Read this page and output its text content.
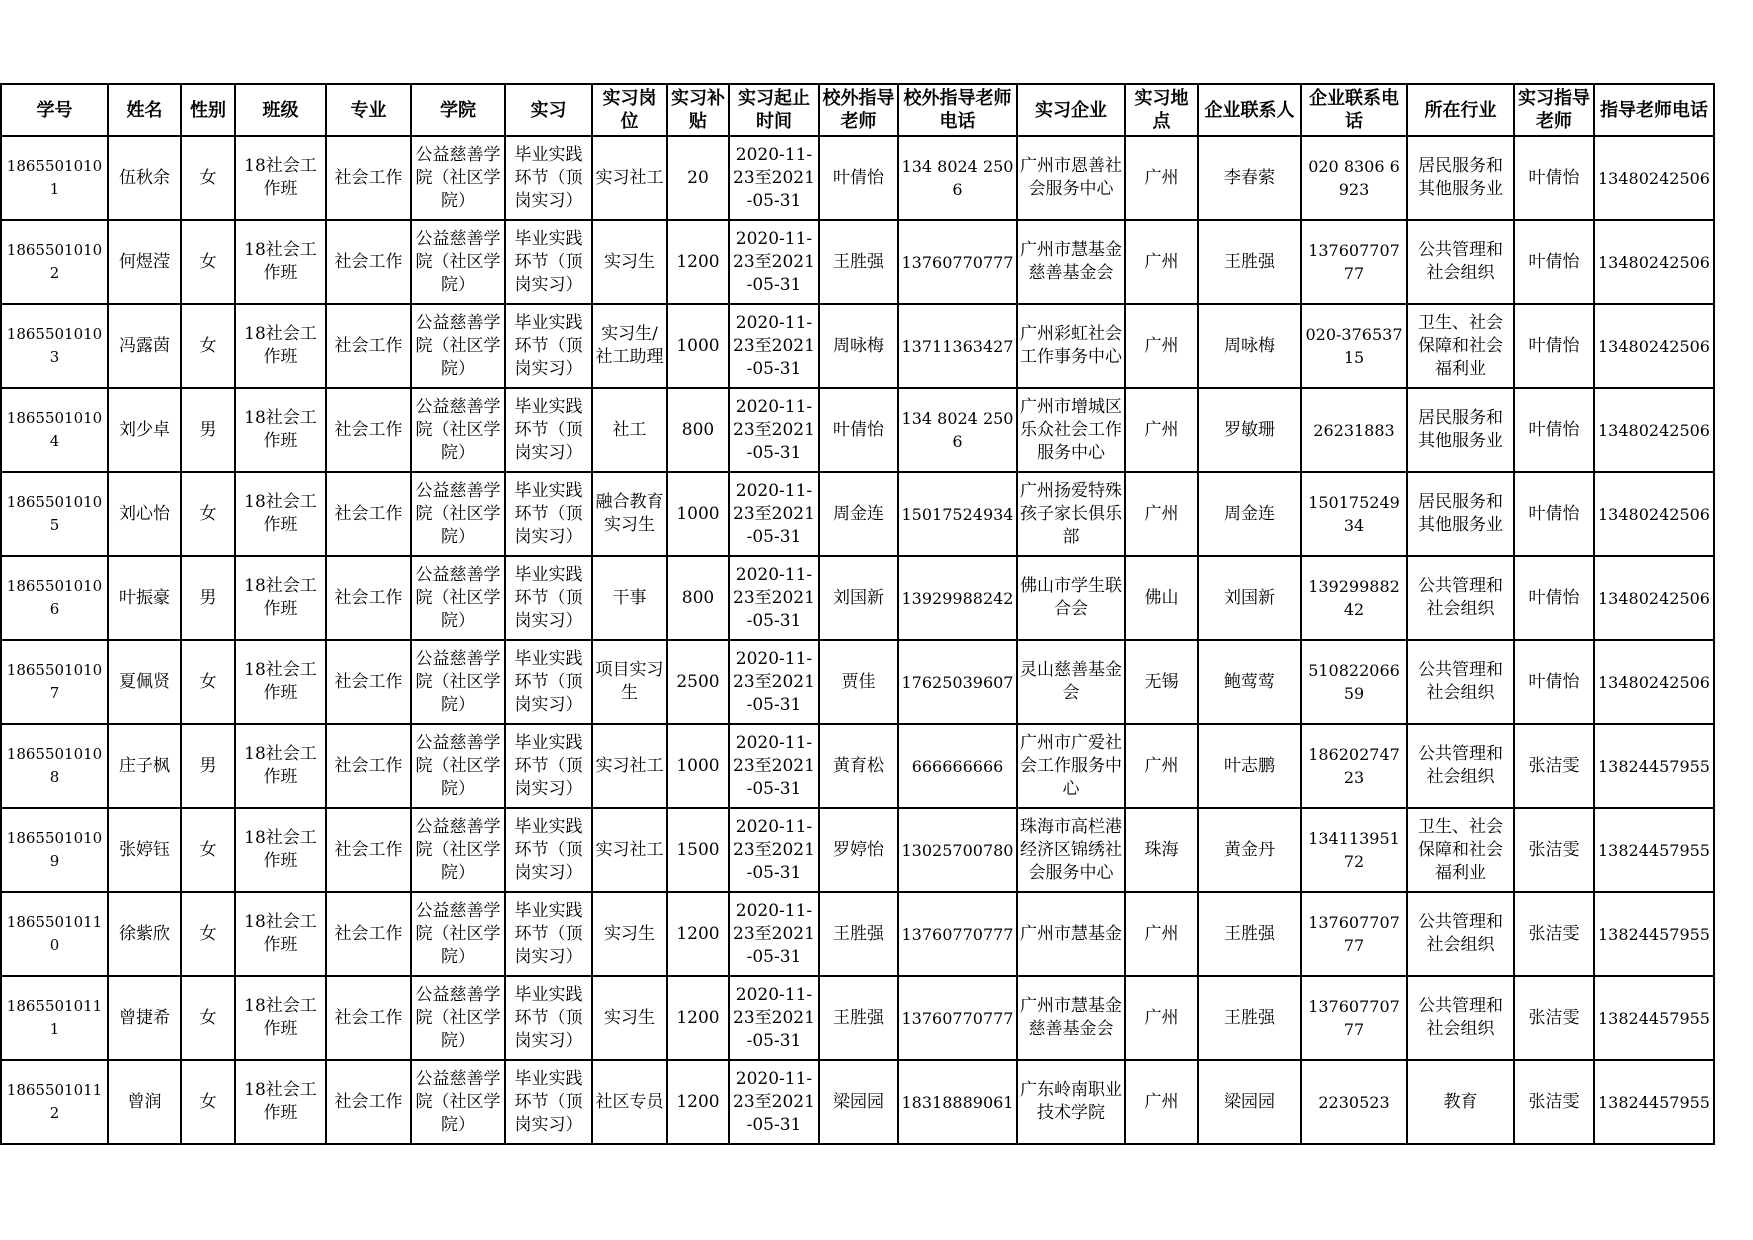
学号	姓名	性别	班级	专业	学院	实习	实习岗位	实习补贴	实习起止时间	校外指导老师	校外指导老师电话	实习企业	实习地点	企业联系人	企业联系电话	所在行业	实习指导老师	指导老师电话

18655010101	伍秋余	女	18社会工作班	社会工作	公益慈善学院（社区学院）	毕业实践环节（顶岗实习）	实习社工	20	2020-11-23至2021-05-31	叶倩怡	134 8024 2506	广州市恩善社会服务中心	广州	李春萦	020 8306 6923	居民服务和其他服务业	叶倩怡	13480242506

18655010102	何煜滢	女	18社会工作班	社会工作	公益慈善学院（社区学院）	毕业实践环节（顶岗实习）	实习生	1200	2020-11-23至2021-05-31	王胜强	13760770777	广州市慧基金慈善基金会	广州	王胜强	13760770777	公共管理和社会组织	叶倩怡	13480242506

18655010103	冯露茵	女	18社会工作班	社会工作	公益慈善学院（社区学院）	毕业实践环节（顶岗实习）	实习生/社工助理	1000	2020-11-23至2021-05-31	周咏梅	13711363427	广州彩虹社会工作事务中心	广州	周咏梅	020-37653715	卫生、社会保障和社会福利业	叶倩怡	13480242506

18655010104	刘少卓	男	18社会工作班	社会工作	公益慈善学院（社区学院）	毕业实践环节（顶岗实习）	社工	800	2020-11-23至2021-05-31	叶倩怡	134 8024 2506	广州市增城区乐众社会工作服务中心	广州	罗敏珊	26231883	居民服务和其他服务业	叶倩怡	13480242506

18655010105	刘心怡	女	18社会工作班	社会工作	公益慈善学院（社区学院）	毕业实践环节（顶岗实习）	融合教育实习生	1000	2020-11-23至2021-05-31	周金连	15017524934	广州扬爱特殊孩子家长俱乐部	广州	周金连	15017524934	居民服务和其他服务业	叶倩怡	13480242506

18655010106	叶振豪	男	18社会工作班	社会工作	公益慈善学院（社区学院）	毕业实践环节（顶岗实习）	干事	800	2020-11-23至2021-05-31	刘国新	13929988242	佛山市学生联合会	佛山	刘国新	13929988242	公共管理和社会组织	叶倩怡	13480242506

18655010107	夏佩贤	女	18社会工作班	社会工作	公益慈善学院（社区学院）	毕业实践环节（顶岗实习）	项目实习生	2500	2020-11-23至2021-05-31	贾佳	17625039607	灵山慈善基金会	无锡	鲍莺莺	51082206659	公共管理和社会组织	叶倩怡	13480242506

18655010108	庄子枫	男	18社会工作班	社会工作	公益慈善学院（社区学院）	毕业实践环节（顶岗实习）	实习社工	1000	2020-11-23至2021-05-31	黄育松	666666666	广州市广爱社会工作服务中心	广州	叶志鹏	18620274723	公共管理和社会组织	张洁雯	13824457955

18655010109	张婷钰	女	18社会工作班	社会工作	公益慈善学院（社区学院）	毕业实践环节（顶岗实习）	实习社工	1500	2020-11-23至2021-05-31	罗婷怡	13025700780	珠海市高栏港经济区锦绣社会服务中心	珠海	黄金丹	13411395172	卫生、社会保障和社会福利业	张洁雯	13824457955

18655010110	徐紫欣	女	18社会工作班	社会工作	公益慈善学院（社区学院）	毕业实践环节（顶岗实习）	实习生	1200	2020-11-23至2021-05-31	王胜强	13760770777	广州市慧基金	广州	王胜强	13760770777	公共管理和社会组织	张洁雯	13824457955

18655010111	曾捷希	女	18社会工作班	社会工作	公益慈善学院（社区学院）	毕业实践环节（顶岗实习）	实习生	1200	2020-11-23至2021-05-31	王胜强	13760770777	广州市慧基金慈善基金会	广州	王胜强	13760770777	公共管理和社会组织	张洁雯	13824457955

18655010112	曾润	女	18社会工作班	社会工作	公益慈善学院（社区学院）	毕业实践环节（顶岗实习）	社区专员	1200	2020-11-23至2021-05-31	梁园园	18318889061	广东岭南职业技术学院	广州	梁园园	2230523	教育	张洁雯	13824457955
